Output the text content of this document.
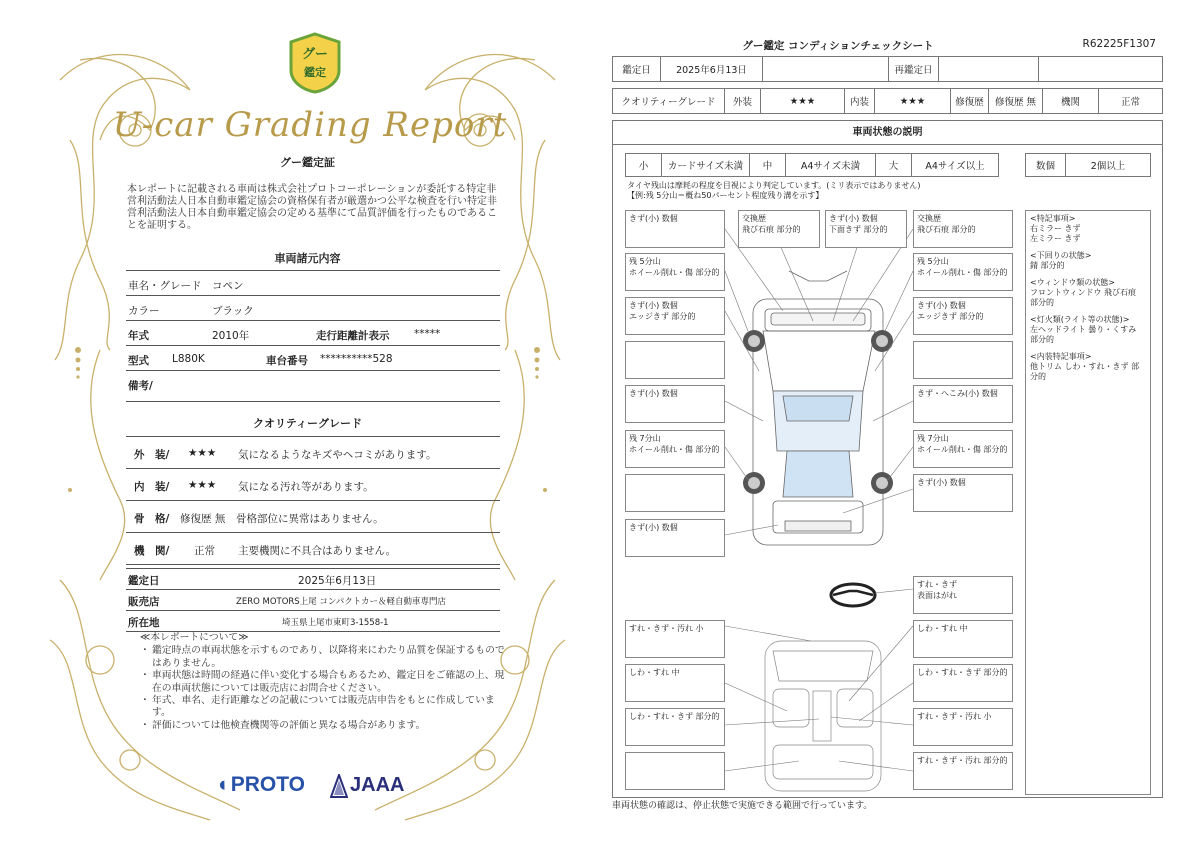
グー
鑑定
U-car Grading Report
グー鑑定証
本レポートに記載される車両は株式会社プロトコーポレーションが委託する特定非営利活動法人日本自動車鑑定協会の資格保有者が厳選かつ公平な検査を行い特定非営利活動法人日本自動車鑑定協会の定める基準にて品質評価を行ったものであることを証明する。
車両諸元内容
車名・グレード コペン
カラー	ブラック
年式	2010年	走行距離計表示 *****
型式 L880K	車台番号 **********528
備考/
クオリティーグレード
外　装/ ★★★ 気になるようなキズやヘコミがあります。
内　装/ ★★★ 気になる汚れ等があります。
骨　格/ 修復歴 無 骨格部位に異常はありません。
機　関/ 正常 主要機関に不具合はありません。
鑑定日	2025年6月13日
販売店	ZERO MOTORS上尾 コンパクトカー＆軽自動車専門店
所在地	埼玉県上尾市東町3-1558-1
≪本レポートについて≫
・ 鑑定時点の車両状態を示すものであり、以降将来にわたり品質を保証するものではありません。
・ 車両状態は時間の経過に伴い変化する場合もあるため、鑑定日をご確認の上、現在の車両状態については販売店にお問合せください。
・ 年式、車名、走行距離などの記載については販売店申告をもとに作成しています。
・ 評価については他検査機関等の評価と異なる場合があります。
◐PROTO JAAA
グー鑑定 コンディションチェックシート	R62225F1307
鑑定日	2025年6月13日	再鑑定日
クオリティーグレード	外装	★★★	内装	★★★	修復歴	修復歴 無	機関	正常
車両状態の説明
小	カードサイズ未満	中	A4サイズ未満	大	A4サイズ以上	数個	2個以上
タイヤ残山は摩耗の程度を目視により判定しています。(ミリ表示ではありません)
【例:残 5分山＝概ね50パーセント程度残り溝を示す】
きず(小) 数個	交換歴
飛び石痕 部分的
きず(小) 数個
下面きず 部分的
交換歴
飛び石痕 部分的
残 5分山
ホイール削れ・傷 部分的
残 5分山
ホイール削れ・傷 部分的
きず(小) 数個
エッジきず 部分的
きず(小) 数個
エッジきず 部分的
きず(小) 数個	きず・へこみ(小) 数個
残 7分山
ホイール削れ・傷 部分的
残 7分山
ホイール削れ・傷 部分的
きず(小) 数個
きず(小) 数個
すれ・きず
表面はがれ
すれ・きず・汚れ 小	しわ・すれ 中
しわ・すれ 中	しわ・すれ・きず 部分的
しわ・すれ・きず 部分的	すれ・きず・汚れ 小
すれ・きず・汚れ 部分的

<特記事項>
右ミラー きず
左ミラー きず

<下回りの状態>
錆 部分的

<ウィンドウ類の状態>
フロントウィンドウ 飛び石痕 部分的

<灯火類(ライト等の状態)>
左ヘッドライト 曇り・くすみ 部分的

<内装特記事項>
他トリム しわ・すれ・きず 部分的

車両状態の確認は、停止状態で実施できる範囲で行っています。
